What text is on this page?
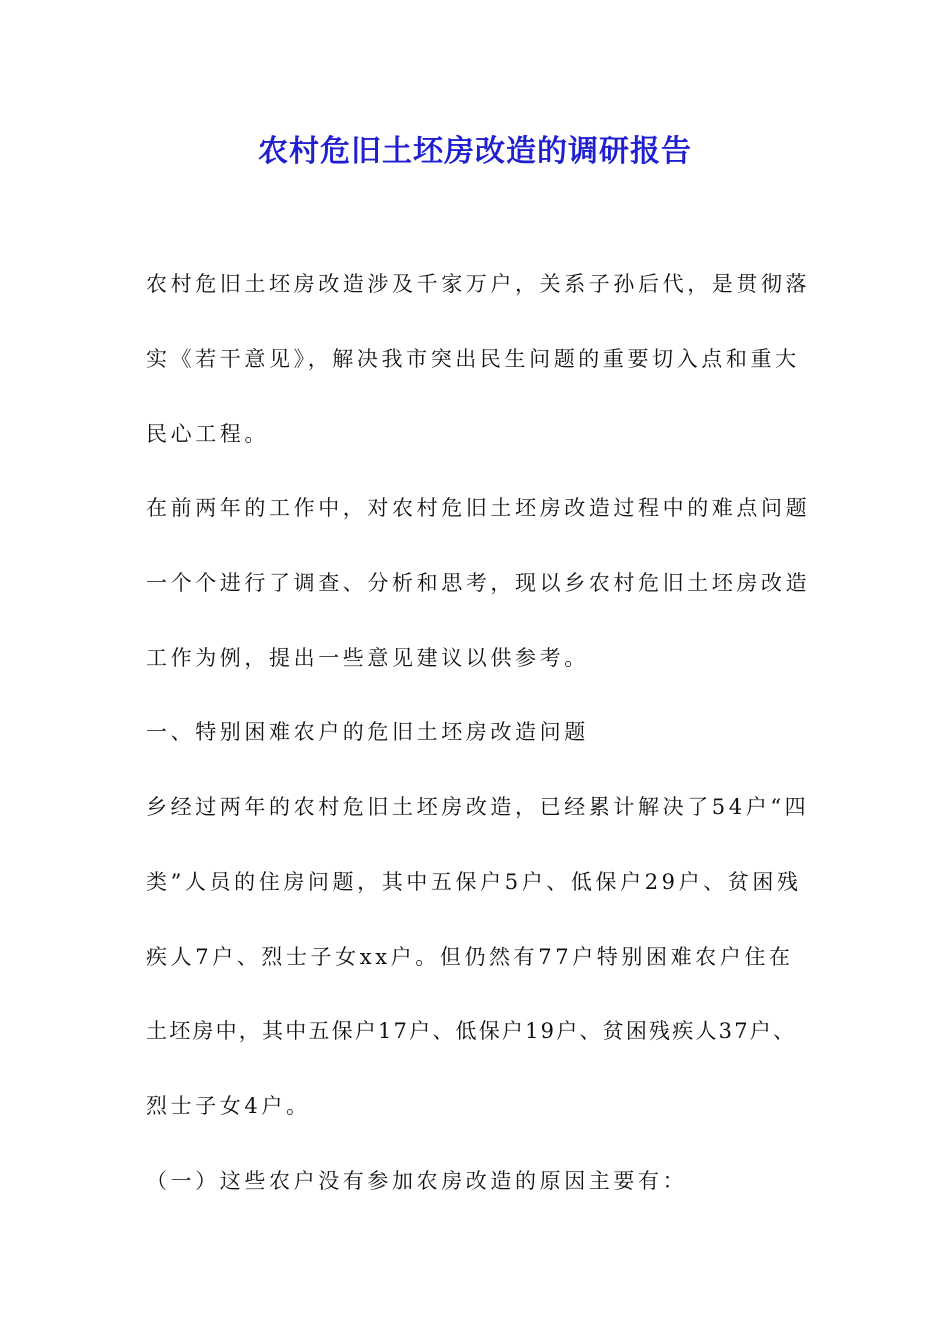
农村危旧土坯房改造的调研报告
农村危旧土坯房改造涉及千家万户，关系子孙后代，是贯彻落
实《若干意见》，解决我市突出民生问题的重要切入点和重大
民心工程。
在前两年的工作中，对农村危旧土坯房改造过程中的难点问题
一个个进行了调查、分析和思考，现以乡农村危旧土坯房改造
工作为例，提出一些意见建议以供参考。
一、特别困难农户的危旧土坯房改造问题
乡经过两年的农村危旧土坯房改造，已经累计解决了54户“四
类”人员的住房问题，其中五保户5户、低保户29户、贫困残
疾人7户、烈士子女xx户。但仍然有77户特别困难农户住在
土坯房中，其中五保户17户、低保户19户、贫困残疾人37户、
烈士子女4户。
（一）这些农户没有参加农房改造的原因主要有：
